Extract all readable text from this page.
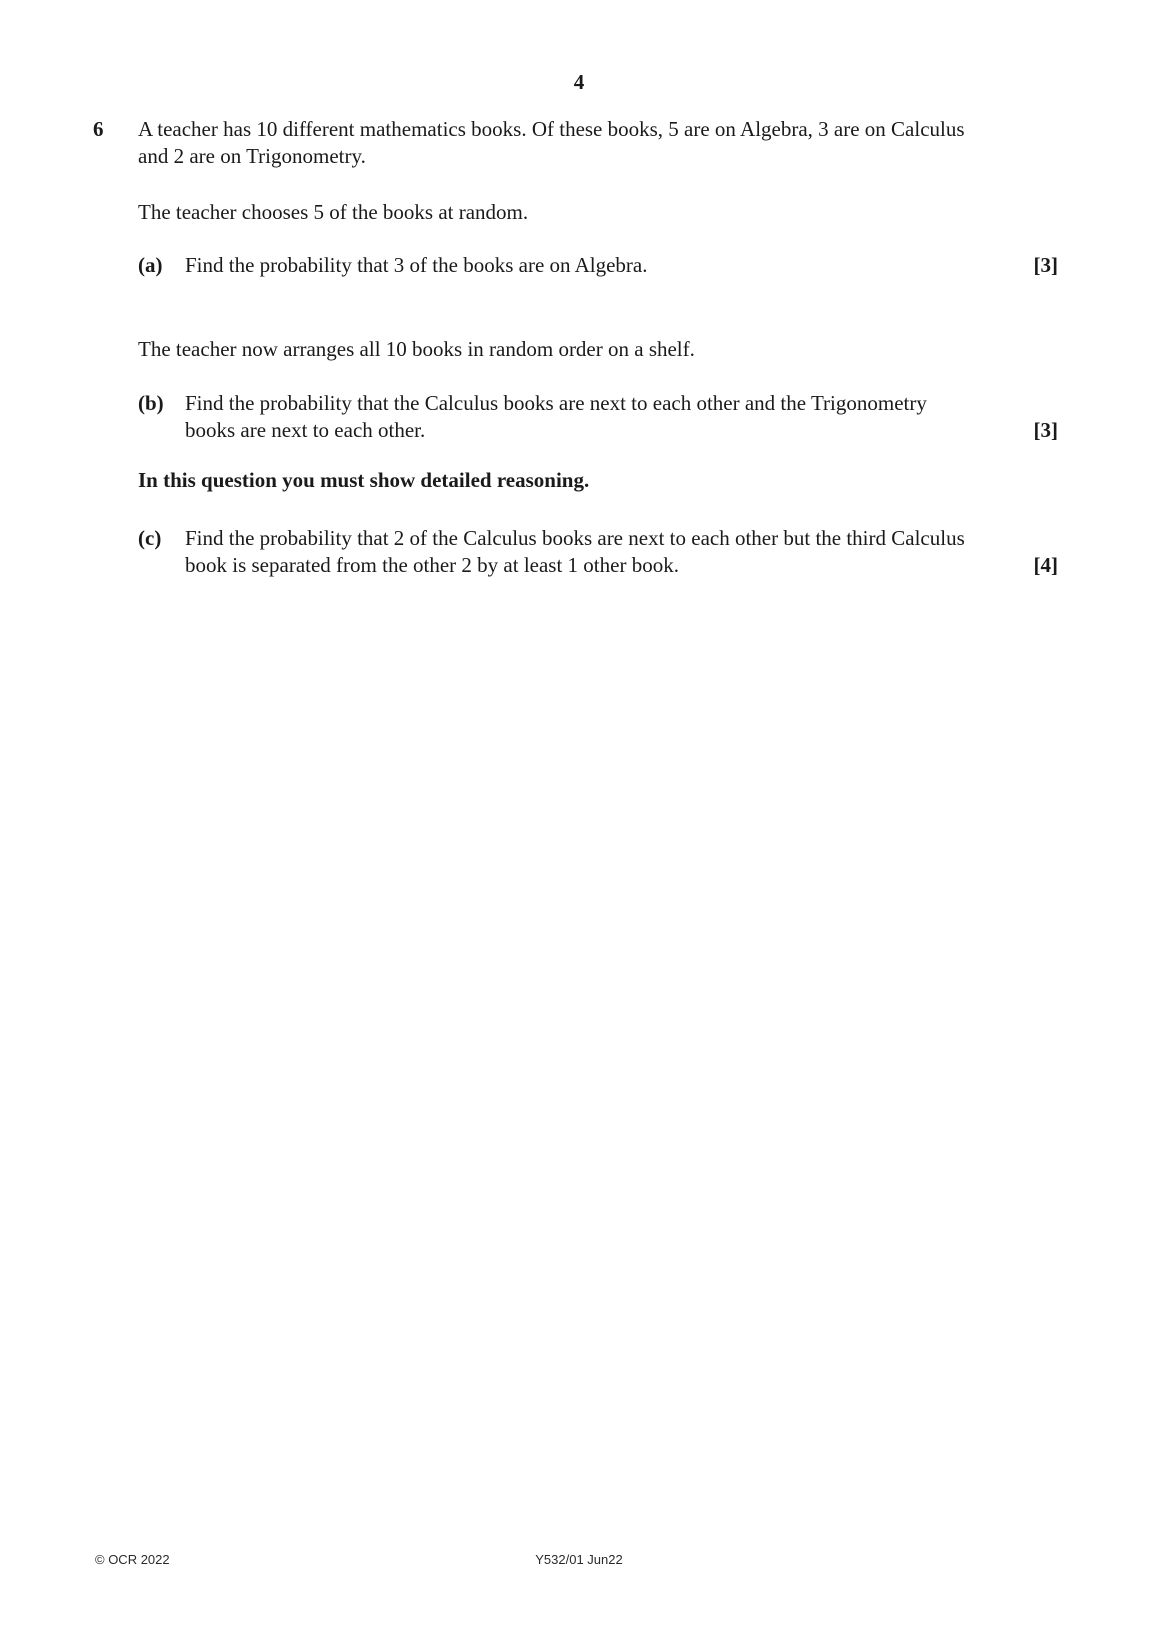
4
6	A teacher has 10 different mathematics books. Of these books, 5 are on Algebra, 3 are on Calculus
and 2 are on Trigonometry.
The teacher chooses 5 of the books at random.
(a)	Find the probability that 3 of the books are on Algebra.	[3]
The teacher now arranges all 10 books in random order on a shelf.
(b)	Find the probability that the Calculus books are next to each other and the Trigonometry
books are next to each other.	[3]
In this question you must show detailed reasoning.
(c)	Find the probability that 2 of the Calculus books are next to each other but the third Calculus
book is separated from the other 2 by at least 1 other book.	[4]
© OCR 2022	Y532/01 Jun22
